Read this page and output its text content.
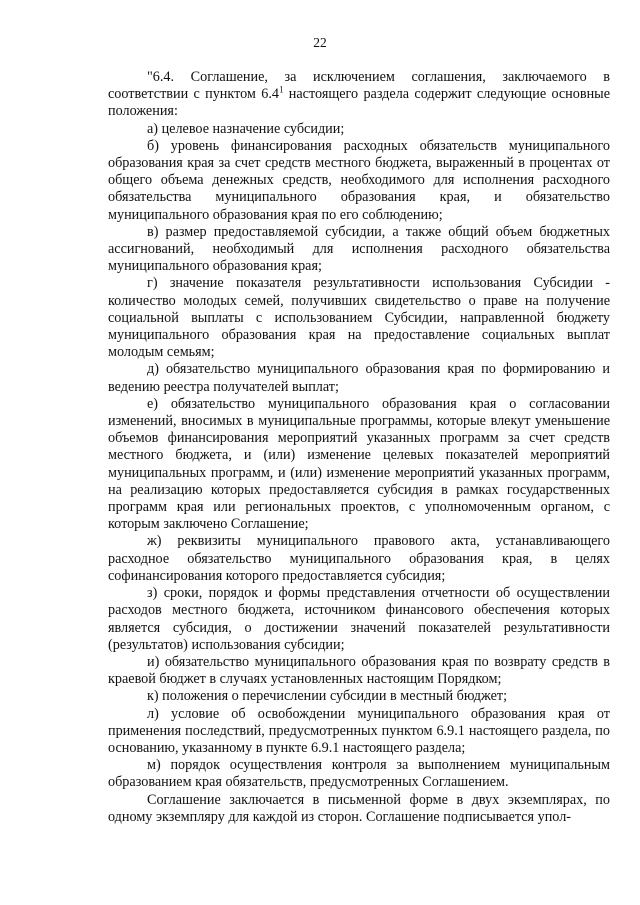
22

"6.4. Соглашение, за исключением соглашения, заключаемого в соответствии с пунктом $6.4^1$ настоящего раздела содержит следующие основные положения:

а) целевое назначение субсидии;

б) уровень финансирования расходных обязательств муниципального образования края за счет средств местного бюджета, выраженный в процентах от общего объема денежных средств, необходимого для исполнения расходного обязательства муниципального образования края, и обязательство муниципального образования края по его соблюдению;

в) размер предоставляемой субсидии, а также общий объем бюджетных ассигнований, необходимый для исполнения расходного обязательства муниципального образования края;

г) значение показателя результативности использования Субсидии - количество молодых семей, получивших свидетельство о праве на получение социальной выплаты с использованием Субсидии, направленной бюджету муниципального образования края на предоставление социальных выплат молодым семьям;

д) обязательство муниципального образования края по формированию и ведению реестра получателей выплат;

е) обязательство муниципального образования края о согласовании изменений, вносимых в муниципальные программы, которые влекут уменьшение объемов финансирования мероприятий указанных программ за счет средств местного бюджета, и (или) изменение целевых показателей мероприятий муниципальных программ, и (или) изменение мероприятий указанных программ, на реализацию которых предоставляется субсидия в рамках государственных программ края или региональных проектов, с уполномоченным органом, с которым заключено Соглашение;

ж) реквизиты муниципального правового акта, устанавливающего расходное обязательство муниципального образования края, в целях софинансирования которого предоставляется субсидия;

з) сроки, порядок и формы представления отчетности об осуществлении расходов местного бюджета, источником финансового обеспечения которых является субсидия, о достижении значений показателей результативности (результатов) использования субсидии;

и) обязательство муниципального образования края по возврату средств в краевой бюджет в случаях установленных настоящим Порядком;

к) положения о перечислении субсидии в местный бюджет;

л) условие об освобождении муниципального образования края от применения последствий, предусмотренных пунктом 6.9.1 настоящего раздела, по основанию, указанному в пункте 6.9.1 настоящего раздела;

м) порядок осуществления контроля за выполнением муниципальным образованием края обязательств, предусмотренных Соглашением.

Соглашение заключается в письменной форме в двух экземплярах, по одному экземпляру для каждой из сторон. Соглашение подписывается упол-
